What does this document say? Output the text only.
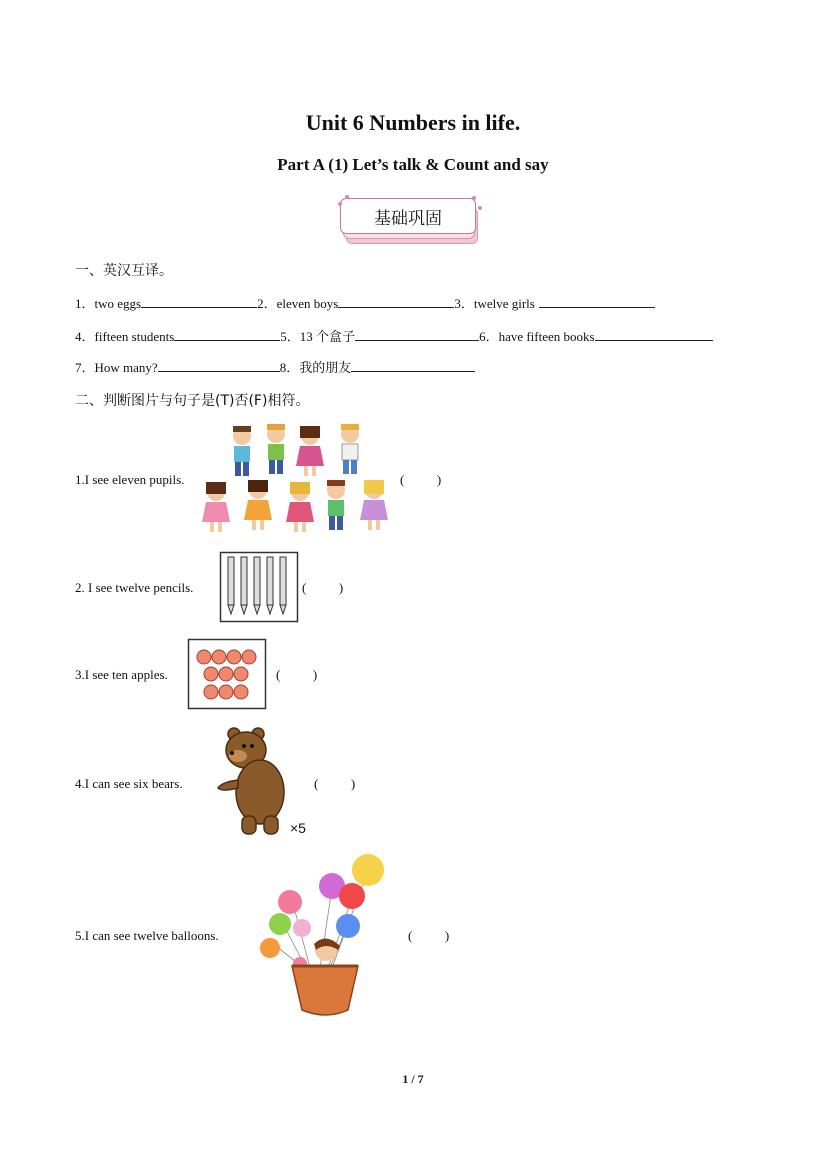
Unit 6 Numbers in life.
Part A (1) Let’s talk & Count and say
基础巩固
一、英汉互译。
1．two eggs	2．eleven boys	3．twelve girls
4．fifteen students	5．13 个盒子	6．have fifteen books
7．How many?	8．我的朋友
二、判断图片与句子是(T)否(F)相符。
1.I see eleven pupils.	(          )
2. I see twelve pencils.	(          )
3.I see ten apples.	(          )
4.I can see six bears.
×5
(          )
5.I can see twelve balloons.	(          )
1 / 7
